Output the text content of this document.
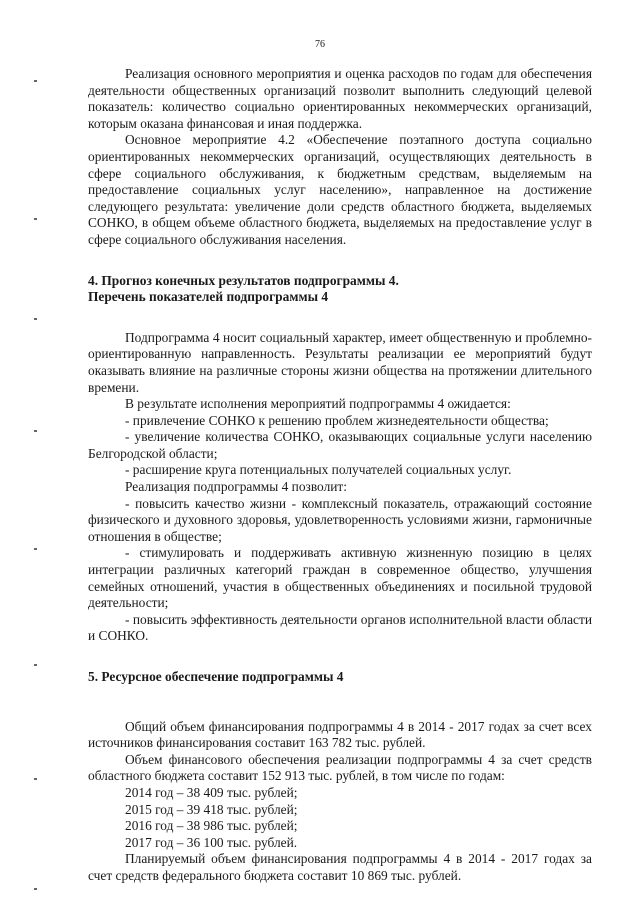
76

Реализация основного мероприятия и оценка расходов по годам для обеспечения деятельности общественных организаций позволит выполнить следующий целевой показатель: количество социально ориентированных некоммерческих организаций, которым оказана финансовая и иная поддержка.

Основное мероприятие 4.2 «Обеспечение поэтапного доступа социально ориентированных некоммерческих организаций, осуществляющих деятельность в сфере социального обслуживания, к бюджетным средствам, выделяемым на предоставление социальных услуг населению», направленное на достижение следующего результата: увеличение доли средств областного бюджета, выделяемых СОНКО, в общем объеме областного бюджета, выделяемых на предоставление услуг в сфере социального обслуживания населения.

4. Прогноз конечных результатов подпрограммы 4.

Перечень показателей подпрограммы 4

Подпрограмма 4 носит социальный характер, имеет общественную и проблемно-ориентированную направленность. Результаты реализации ее мероприятий будут оказывать влияние на различные стороны жизни общества на протяжении длительного времени.

В результате исполнения мероприятий подпрограммы 4 ожидается:

- привлечение СОНКО к решению проблем жизнедеятельности общества;

- увеличение количества СОНКО, оказывающих социальные услуги населению Белгородской области;

- расширение круга потенциальных получателей социальных услуг.

Реализация подпрограммы 4 позволит:

- повысить качество жизни - комплексный показатель, отражающий состояние физического и духовного здоровья, удовлетворенность условиями жизни, гармоничные отношения в обществе;

- стимулировать и поддерживать активную жизненную позицию в целях интеграции различных категорий граждан в современное общество, улучшения семейных отношений, участия в общественных объединениях и посильной трудовой деятельности;

- повысить эффективность деятельности органов исполнительной власти области и СОНКО.

5. Ресурсное обеспечение подпрограммы 4

Общий объем финансирования подпрограммы 4 в 2014 - 2017 годах за счет всех источников финансирования составит 163 782 тыс. рублей.

Объем финансового обеспечения реализации подпрограммы 4 за счет средств областного бюджета составит 152 913 тыс. рублей, в том числе по годам:

2014 год – 38 409 тыс. рублей;

2015 год – 39 418 тыс. рублей;

2016 год – 38 986 тыс. рублей;

2017 год – 36 100 тыс. рублей.

Планируемый объем финансирования подпрограммы 4 в 2014 - 2017 годах за счет средств федерального бюджета составит 10 869 тыс. рублей.
